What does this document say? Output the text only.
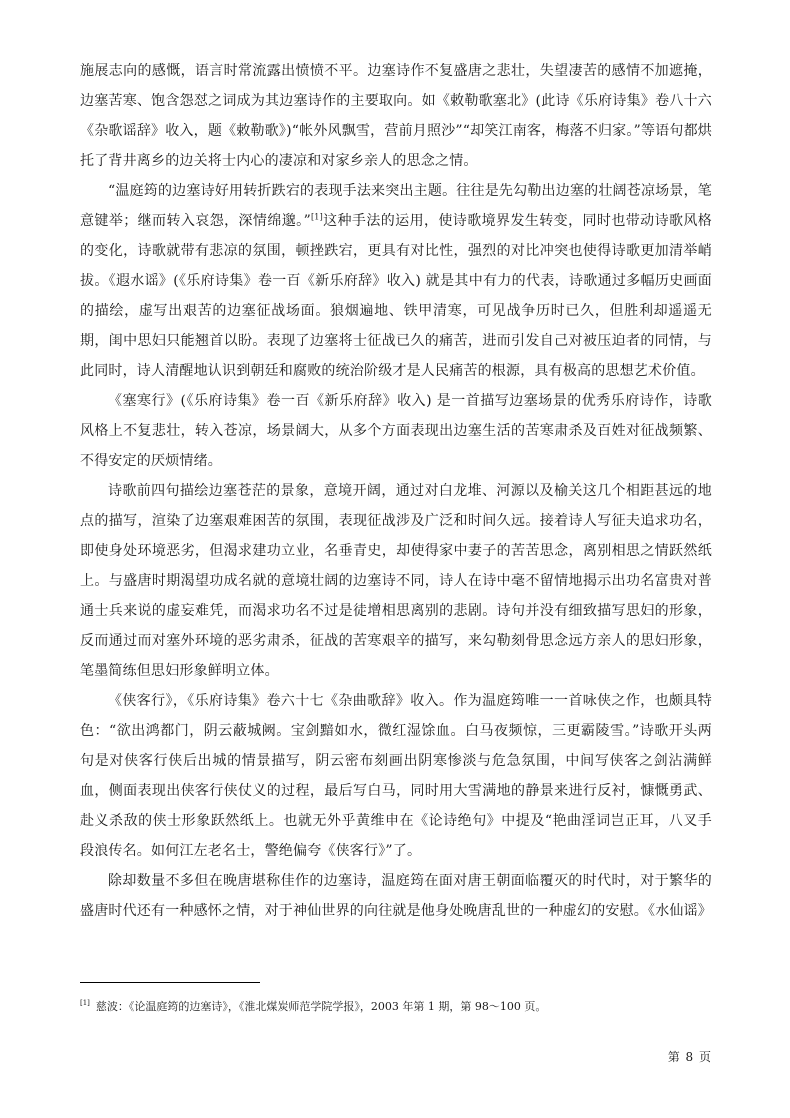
施展志向的感慨，语言时常流露出愤愤不平。边塞诗作不复盛唐之悲壮，失望凄苦的感情不加遮掩，边塞苦寒、饱含怨怼之词成为其边塞诗作的主要取向。如《敕勒歌塞北》(此诗《乐府诗集》卷八十六《杂歌谣辞》收入，题《敕勒歌》)“帐外风飘雪，营前月照沙”“却笑江南客，梅落不归家。”等语句都烘托了背井离乡的边关将士内心的凄凉和对家乡亲人的思念之情。

“温庭筠的边塞诗好用转折跌宕的表现手法来突出主题。往往是先勾勒出边塞的壮阔苍凉场景，笔意键举；继而转入哀怨，深情绵邈。”[1]这种手法的运用，使诗歌境界发生转变，同时也带动诗歌风格的变化，诗歌就带有悲凉的氛围，顿挫跌宕，更具有对比性，强烈的对比冲突也使得诗歌更加清举峭拔。《遐水谣》(《乐府诗集》卷一百《新乐府辞》收入) 就是其中有力的代表，诗歌通过多幅历史画面的描绘，虚写出艰苦的边塞征战场面。狼烟遍地、铁甲清寒，可见战争历时已久，但胜利却遥遥无期，闺中思妇只能翘首以盼。表现了边塞将士征战已久的痛苦，进而引发自己对被压迫者的同情，与此同时，诗人清醒地认识到朝廷和腐败的统治阶级才是人民痛苦的根源，具有极高的思想艺术价值。

《塞寒行》(《乐府诗集》卷一百《新乐府辞》收入) 是一首描写边塞场景的优秀乐府诗作，诗歌风格上不复悲壮，转入苍凉，场景阔大，从多个方面表现出边塞生活的苦寒肃杀及百姓对征战频繁、不得安定的厌烦情绪。

诗歌前四句描绘边塞苍茫的景象，意境开阔，通过对白龙堆、河源以及榆关这几个相距甚远的地点的描写，渲染了边塞艰难困苦的氛围，表现征战涉及广泛和时间久远。接着诗人写征夫追求功名，即使身处环境恶劣，但渴求建功立业，名垂青史，却使得家中妻子的苦苦思念，离别相思之情跃然纸上。与盛唐时期渴望功成名就的意境壮阔的边塞诗不同，诗人在诗中毫不留情地揭示出功名富贵对普通士兵来说的虚妄难凭，而渴求功名不过是徒增相思离别的悲剧。诗句并没有细致描写思妇的形象，反而通过而对塞外环境的恶劣肃杀，征战的苦寒艰辛的描写，来勾勒刻骨思念远方亲人的思妇形象，笔墨简练但思妇形象鲜明立体。

《侠客行》，《乐府诗集》卷六十七《杂曲歌辞》收入。作为温庭筠唯一一首咏侠之作，也颇具特色：“欲出鸿都门，阴云蔽城阙。宝剑黯如水，微红湿馀血。白马夜频惊，三更霸陵雪。”诗歌开头两句是对侠客行侠后出城的情景描写，阴云密布刻画出阴寒惨淡与危急氛围，中间写侠客之剑沾满鲜血，侧面表现出侠客行侠仗义的过程，最后写白马，同时用大雪满地的静景来进行反衬，慷慨勇武、赴义杀敌的侠士形象跃然纸上。也就无外乎黄维申在《论诗绝句》中提及“艳曲淫词岂正耳，八叉手段浪传名。如何江左老名士，警绝偏夸《侠客行》”了。

除却数量不多但在晚唐堪称佳作的边塞诗，温庭筠在面对唐王朝面临覆灭的时代时，对于繁华的盛唐时代还有一种感怀之情，对于神仙世界的向往就是他身处晚唐乱世的一种虚幻的安慰。《水仙谣》

[1] 慈波：《论温庭筠的边塞诗》，《淮北煤炭师范学院学报》，2003 年第 1 期，第 98～100 页。
第 8 页
